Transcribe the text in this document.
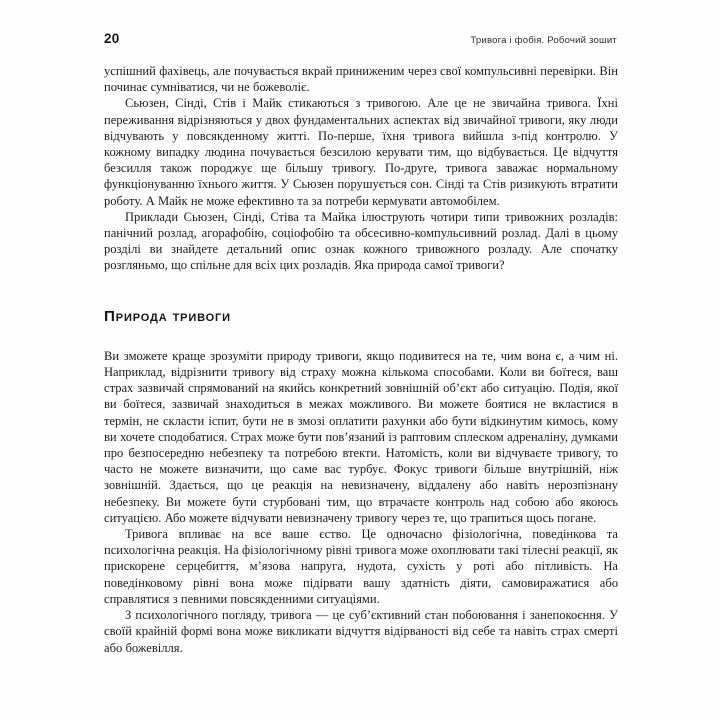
20	Тривога і фобія. Робочий зошит

успішний фахівець, але почувається вкрай приниженим через свої компульсивні перевірки. Він починає сумніватися, чи не божеволіє.

Сьюзен, Сінді, Стів і Майк стикаються з тривогою. Але це не звичайна тривога. Їхні переживання відрізняються у двох фундаментальних аспектах від звичайної тривоги, яку люди відчувають у повсякденному житті. По-перше, їхня тривога вийшла з-під контролю. У кожному випадку людина почувається безсилою керувати тим, що відбувається. Це відчуття безсилля також породжує ще більшу тривогу. По-друге, тривога заважає нормальному функціонуванню їхнього життя. У Сьюзен порушується сон. Сінді та Стів ризикують втратити роботу. А Майк не може ефективно та за потреби кермувати автомобілем.

Приклади Сьюзен, Сінді, Стіва та Майка ілюструють чотири типи тривожних розладів: панічний розлад, агорафобію, соціофобію та обсесивно-компульсивний розлад. Далі в цьому розділі ви знайдете детальний опис ознак кожного тривожного розладу. Але спочатку розгляньмо, що спільне для всіх цих розладів. Яка природа самої тривоги?

Природа тривоги

Ви зможете краще зрозуміти природу тривоги, якщо подивитеся на те, чим вона є, а чим ні. Наприклад, відрізнити тривогу від страху можна кількома способами. Коли ви боїтеся, ваш страх зазвичай спрямований на якийсь конкретний зовнішній об’єкт або ситуацію. Подія, якої ви боїтеся, зазвичай знаходиться в межах можливого. Ви можете боятися не вкластися в термін, не скласти іспит, бути не в змозі оплатити рахунки або бути відкинутим кимось, кому ви хочете сподобатися. Страх може бути пов’язаний із раптовим сплеском адреналіну, думками про безпосередню небезпеку та потребою втекти. Натомість, коли ви відчуваєте тривогу, то часто не можете визначити, що саме вас турбує. Фокус тривоги більше внутрішній, ніж зовнішній. Здається, що це реакція на невизначену, віддалену або навіть нерозпізнану небезпеку. Ви можете бути стурбовані тим, що втрачаєте контроль над собою або якоюсь ситуацією. Або можете відчувати невизначену тривогу через те, що трапиться щось погане.

Тривога впливає на все ваше єство. Це одночасно фізіологічна, поведінкова та психологічна реакція. На фізіологічному рівні тривога може охоплювати такі тілесні реакції, як прискорене серцебиття, м’язова напруга, нудота, сухість у роті або пітливість. На поведінковому рівні вона може підірвати вашу здатність діяти, самовиражатися або справлятися з певними повсякденними ситуаціями.

З психологічного погляду, тривога — це суб’єктивний стан побоювання і занепокоєння. У своїй крайній формі вона може викликати відчуття відірваності від себе та навіть страх смерті або божевілля.
